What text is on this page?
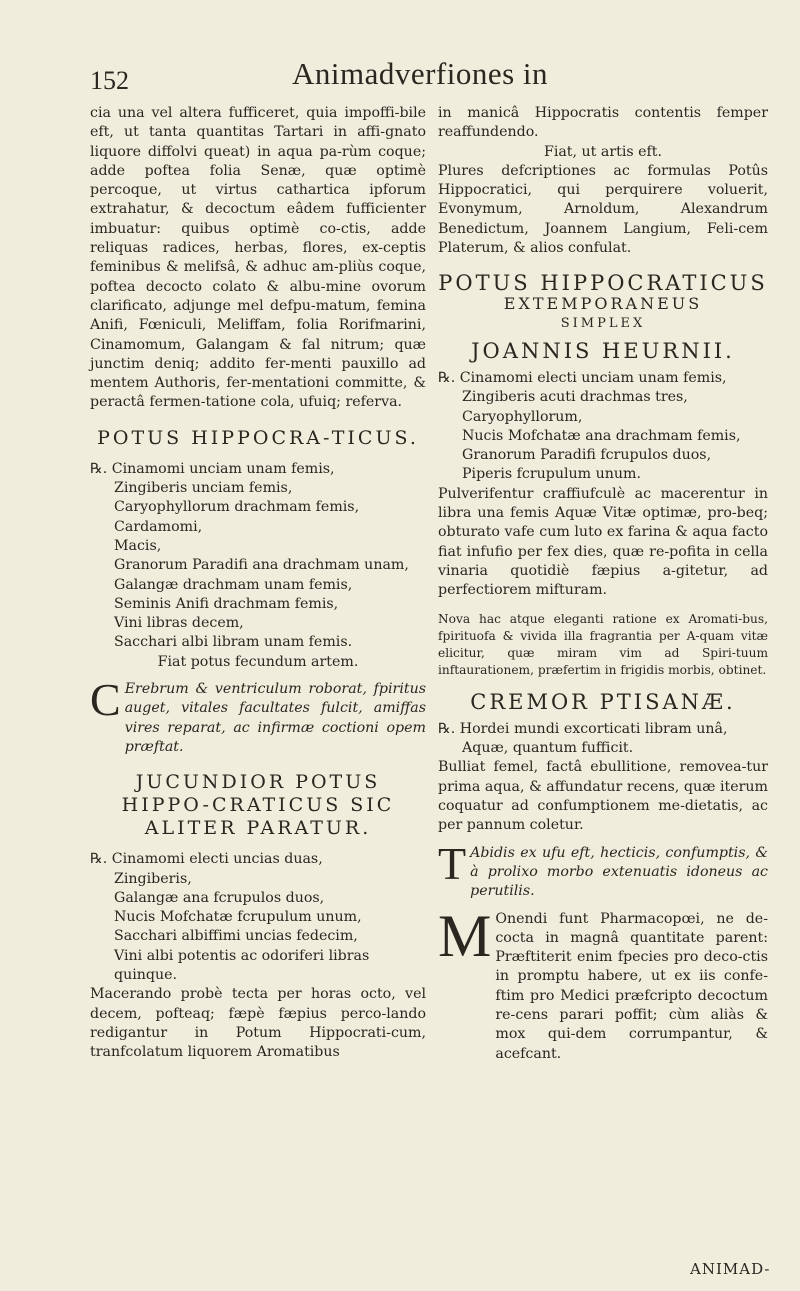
152	Animadverfiones in

cia una vel altera fufficeret, quia impoffi-bile eft, ut tanta quantitas Tartari in affi-gnato liquore diffolvi queat) in aqua pa-rùm coque; adde poftea folia Senæ, quæ optimè percoque, ut virtus cathartica ipforum extrahatur, & decoctum eâdem fufficienter imbuatur: quibus optimè co-ctis, adde reliquas radices, herbas, flores, ex-ceptis feminibus & melifsâ, & adhuc am-pliùs coque, poftea decocto colato & albu-mine ovorum clarificato, adjunge mel defpu-matum, femina Anifi, Fœniculi, Meliffam, folia Rorifmarini, Cinamomum, Galangam & fal nitrum; quæ junctim deniq; addito fer-menti pauxillo ad mentem Authoris, fer-mentationi committe, & peractâ fermen-tatione cola, ufuiq; referva.

POTUS HIPPOCRA-TICUS.
℞. Cinamomi unciam unam femis,
Zingiberis unciam femis,
Caryophyllorum drachmam femis,
Cardamomi,
Macis,
Granorum Paradifi ana drachmam unam,
Galangæ drachmam unam femis,
Seminis Anifi drachmam femis,
Vini libras decem,
Sacchari albi libram unam femis.
Fiat potus fecundum artem.
C Erebrum & ventriculum roborat, fpiritus auget, vitales facultates fulcit, amiffas vires reparat, ac infirmæ coctioni opem præftat.
JUCUNDIOR POTUS HIPPO-CRATICUS SIC ALITER PARATUR.
℞. Cinamomi electi uncias duas,
Zingiberis,
Galangæ ana fcrupulos duos,
Nucis Mofchatæ fcrupulum unum,
Sacchari albiffimi uncias fedecim,
Vini albi potentis ac odoriferi libras quinque.

Macerando probè tecta per horas octo, vel decem, pofteaq; fæpè fæpius perco-lando redigantur in Potum Hippocrati-cum, tranfcolatum liquorem Aromatibus

in manicâ Hippocratis contentis femper reaffundendo.

Fiat, ut artis eft.

Plures defcriptiones ac formulas Potûs Hippocratici, qui perquirere voluerit, Evonymum, Arnoldum, Alexandrum Benedictum, Joannem Langium, Feli-cem Platerum, & alios confulat.

POTUS HIPPOCRATICUS
EXTEMPORANEUS
SIMPLEX
JOANNIS HEURNII.
℞. Cinamomi electi unciam unam femis,
Zingiberis acuti drachmas tres,
Caryophyllorum,
Nucis Mofchatæ ana drachmam femis,
Granorum Paradifi fcrupulos duos,
Piperis fcrupulum unum.

Pulverifentur craffiufculè ac macerentur in libra una femis Aquæ Vitæ optimæ, pro-beq; obturato vafe cum luto ex farina & aqua facto fiat infufio per fex dies, quæ re-pofita in cella vinaria quotidiè fæpius a-gitetur, ad perfectiorem mifturam.

Nova hac atque eleganti ratione ex Aromati-bus, fpirituofa & vivida illa fragrantia per A-quam vitæ elicitur, quæ miram vim ad Spiri-tuum inftaurationem, præfertim in frigidis morbis, obtinet.

CREMOR PTISANÆ.
℞. Hordei mundi excorticati libram unâ,
Aquæ, quantum fufficit.

Bulliat femel, factâ ebullitione, removea-tur prima aqua, & affundatur recens, quæ iterum coquatur ad confumptionem me-dietatis, ac per pannum coletur.

T Abidis ex ufu eft, hecticis, confumptis, & à prolixo morbo extenuatis idoneus ac perutilis.
M Onendi funt Pharmacopœi, ne de-cocta in magnâ quantitate parent: Præftiterit enim fpecies pro deco-ctis in promptu habere, ut ex iis confe-ftim pro Medici præfcripto decoctum re-cens parari poffit; cùm aliàs & mox qui-dem corrumpantur, & acefcant.
ANIMAD-
